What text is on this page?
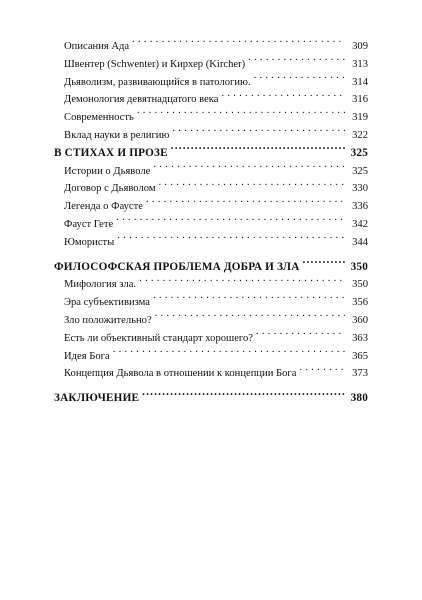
Описания Ада . . .	309
Швентер (Schwenter) и Кирхер (Kircher) . . .	313
Дьяволизм, развивающийся в патологию. . . .	314
Демонология девятнадцатого века . . .	316
Современность . . .	319
Вклад науки в религию . . .	322
В СТИХАХ И ПРОЗЕ .....	325
Истории о Дьяволе . . .	325
Договор с Дьяволом . . .	330
Легенда о Фаусте . . .	336
Фауст Гете . . .	342
Юмористы . . .	344
ФИЛОСОФСКАЯ ПРОБЛЕМА ДОБРА И ЗЛА .....	350
Мифология зла. . . .	350
Эра субъективизма . . .	356
Зло положительно? . . .	360
Есть ли объективный стандарт хорошего? . . .	363
Идея Бога . . .	365
Концепция Дьявола в отношении к концепции Бога . . .	373
ЗАКЛЮЧЕНИЕ .....	380
